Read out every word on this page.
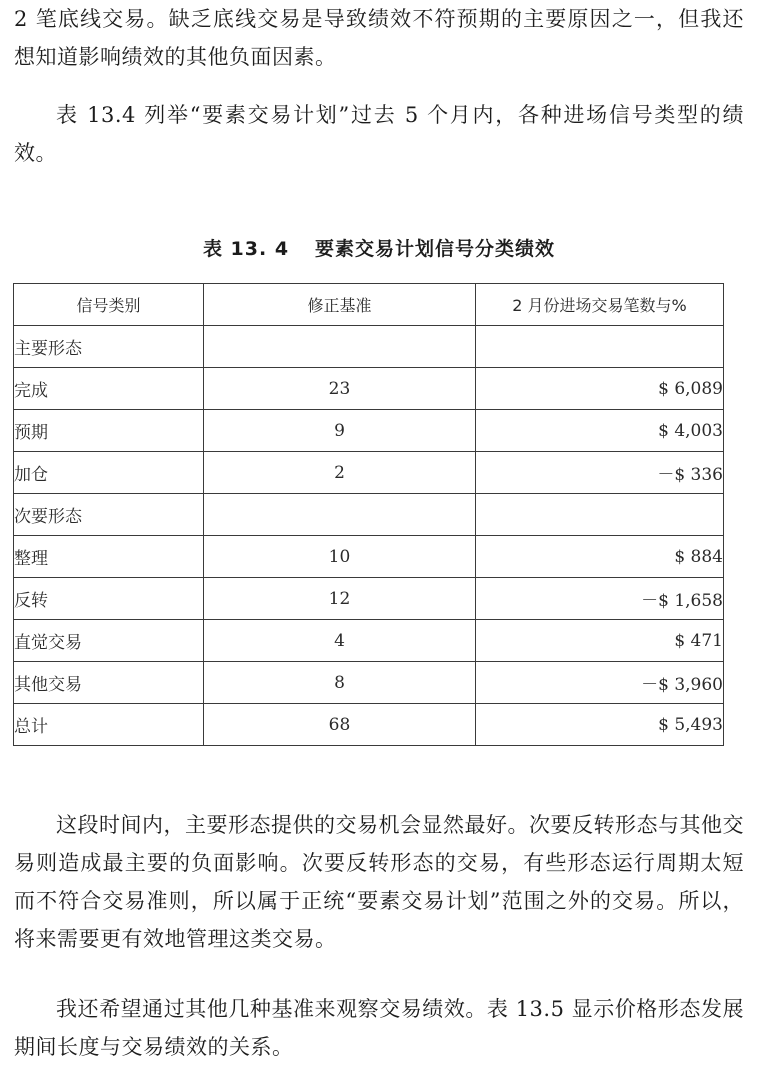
2 笔底线交易。缺乏底线交易是导致绩效不符预期的主要原因之一，但我还想知道影响绩效的其他负面因素。

表 13.4 列举“要素交易计划”过去 5 个月内，各种进场信号类型的绩效。

表 13. 4 要素交易计划信号分类绩效
信号类别	修正基准	2 月份进场交易笔数与%
主要形态		
完成	23	$ 6,089
预期	9	$ 4,003
加仓	2	－$ 336
次要形态		
整理	10	$ 884
反转	12	－$ 1,658
直觉交易	4	$ 471
其他交易	8	－$ 3,960
总计	68	$ 5,493

这段时间内，主要形态提供的交易机会显然最好。次要反转形态与其他交易则造成最主要的负面影响。次要反转形态的交易，有些形态运行周期太短而不符合交易准则，所以属于正统“要素交易计划”范围之外的交易。所以，将来需要更有效地管理这类交易。

我还希望通过其他几种基准来观察交易绩效。表 13.5 显示价格形态发展期间长度与交易绩效的关系。
